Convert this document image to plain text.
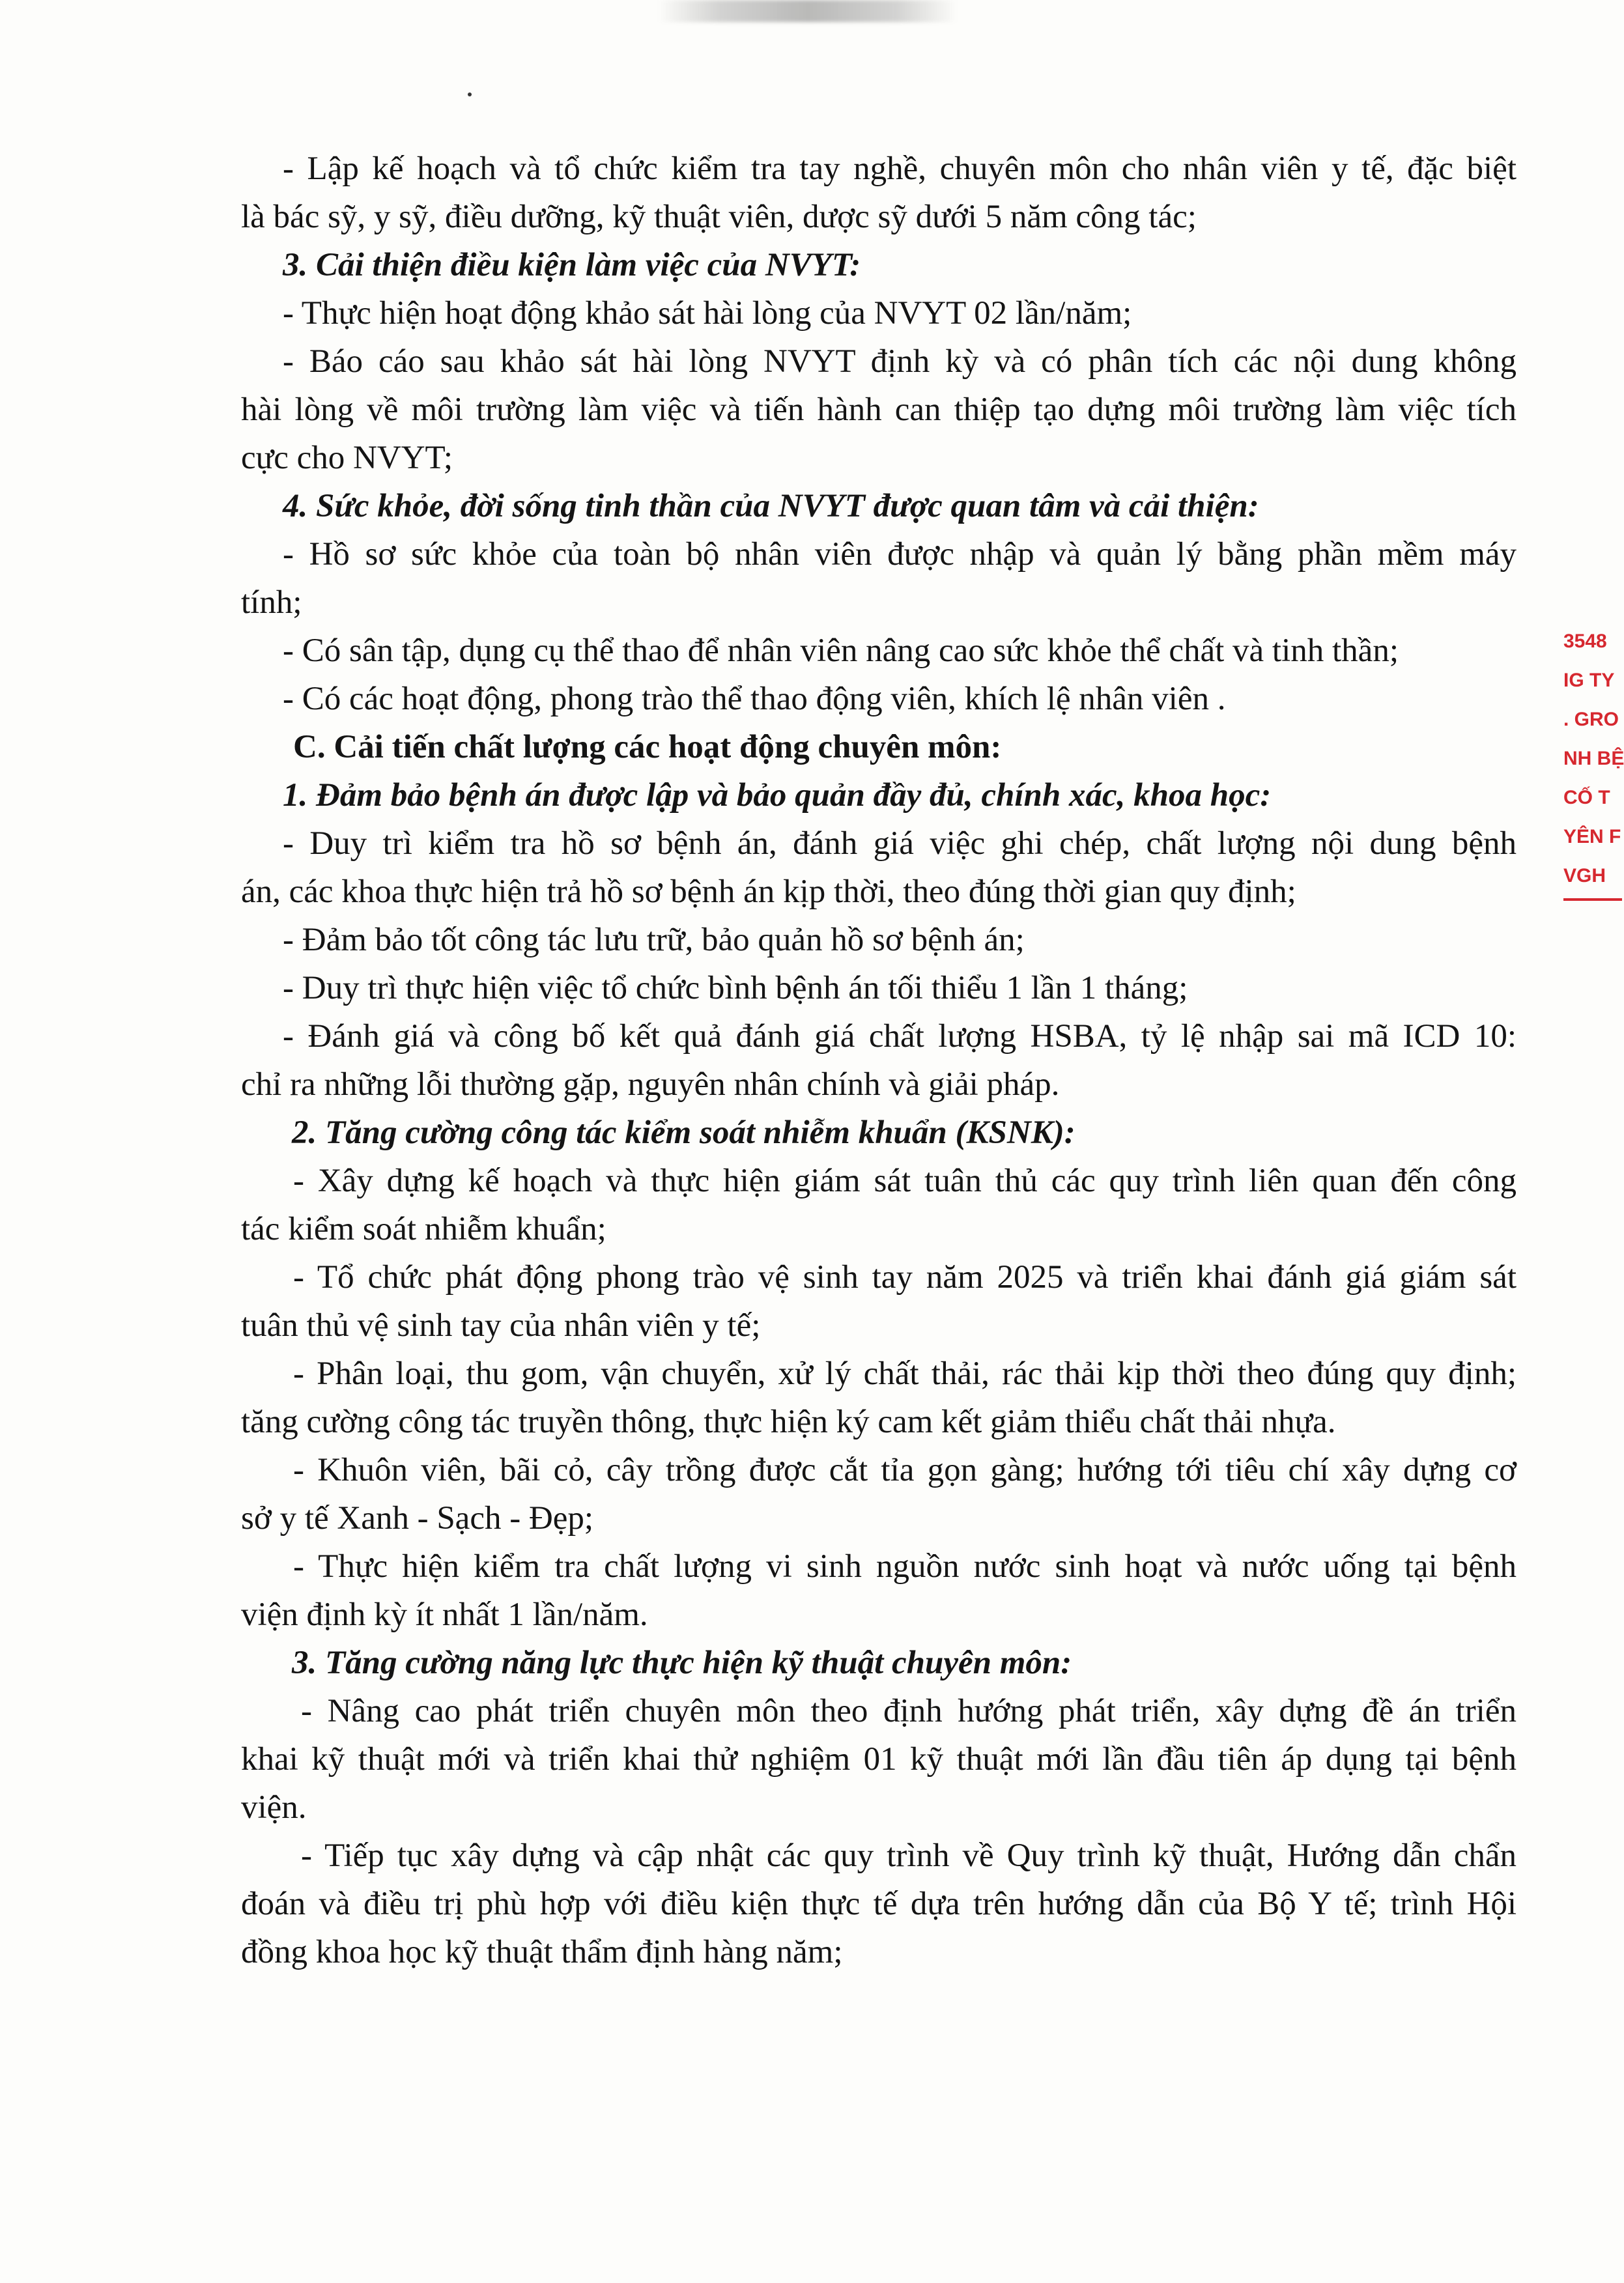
- Lập kế hoạch và tổ chức kiểm tra tay nghề, chuyên môn cho nhân viên y tế, đặc biệt
là bác sỹ, y sỹ, điều dưỡng, kỹ thuật viên, dược sỹ dưới 5 năm công tác;
3. Cải thiện điều kiện làm việc của NVYT:
- Thực hiện hoạt động khảo sát hài lòng của NVYT 02 lần/năm;
- Báo cáo sau khảo sát hài lòng NVYT định kỳ và có phân tích các nội dung không
hài lòng về môi trường làm việc và tiến hành can thiệp tạo dựng môi trường làm việc tích
cực cho NVYT;
4. Sức khỏe, đời sống tinh thần của NVYT được quan tâm và cải thiện:
- Hồ sơ sức khỏe của toàn bộ nhân viên được nhập và quản lý bằng phần mềm máy
tính;
- Có sân tập, dụng cụ thể thao để nhân viên nâng cao sức khỏe thể chất và tinh thần;
- Có các hoạt động, phong trào thể thao động viên, khích lệ nhân viên .
C. Cải tiến chất lượng các hoạt động chuyên môn:
1. Đảm bảo bệnh án được lập và bảo quản đầy đủ, chính xác, khoa học:
- Duy trì kiểm tra hồ sơ bệnh án, đánh giá việc ghi chép, chất lượng nội dung bệnh
án, các khoa thực hiện trả hồ sơ bệnh án kịp thời, theo đúng thời gian quy định;
- Đảm bảo tốt công tác lưu trữ, bảo quản hồ sơ bệnh án;
- Duy trì thực hiện việc tổ chức bình bệnh án tối thiểu 1 lần 1 tháng;
- Đánh giá và công bố kết quả đánh giá chất lượng HSBA, tỷ lệ nhập sai mã ICD 10:
chỉ ra những lỗi thường gặp, nguyên nhân chính và giải pháp.
2. Tăng cường công tác kiểm soát nhiễm khuẩn (KSNK):
- Xây dựng kế hoạch và thực hiện giám sát tuân thủ các quy trình liên quan đến công
tác kiểm soát nhiễm khuẩn;
- Tổ chức phát động phong trào vệ sinh tay năm 2025 và triển khai đánh giá giám sát
tuân thủ vệ sinh tay của nhân viên y tế;
- Phân loại, thu gom, vận chuyển, xử lý chất thải, rác thải kịp thời theo đúng quy định;
tăng cường công tác truyền thông, thực hiện ký cam kết giảm thiểu chất thải nhựa.
- Khuôn viên, bãi cỏ, cây trồng được cắt tỉa gọn gàng; hướng tới tiêu chí xây dựng cơ
sở y tế Xanh - Sạch - Đẹp;
- Thực hiện kiểm tra chất lượng vi sinh nguồn nước sinh hoạt và nước uống tại bệnh
viện định kỳ ít nhất 1 lần/năm.
3. Tăng cường năng lực thực hiện kỹ thuật chuyên môn:
- Nâng cao phát triển chuyên môn theo định hướng phát triển, xây dựng đề án triển
khai kỹ thuật mới và triển khai thử nghiệm 01 kỹ thuật mới lần đầu tiên áp dụng tại bệnh
viện.
- Tiếp tục xây dựng và cập nhật các quy trình về Quy trình kỹ thuật, Hướng dẫn chẩn
đoán và điều trị phù hợp với điều kiện thực tế dựa trên hướng dẫn của Bộ Y tế; trình Hội
đồng khoa học kỹ thuật thẩm định hàng năm;
3548
IG TY
. GRO
NH BỆ
CỐ T
YÊN F
VGH
